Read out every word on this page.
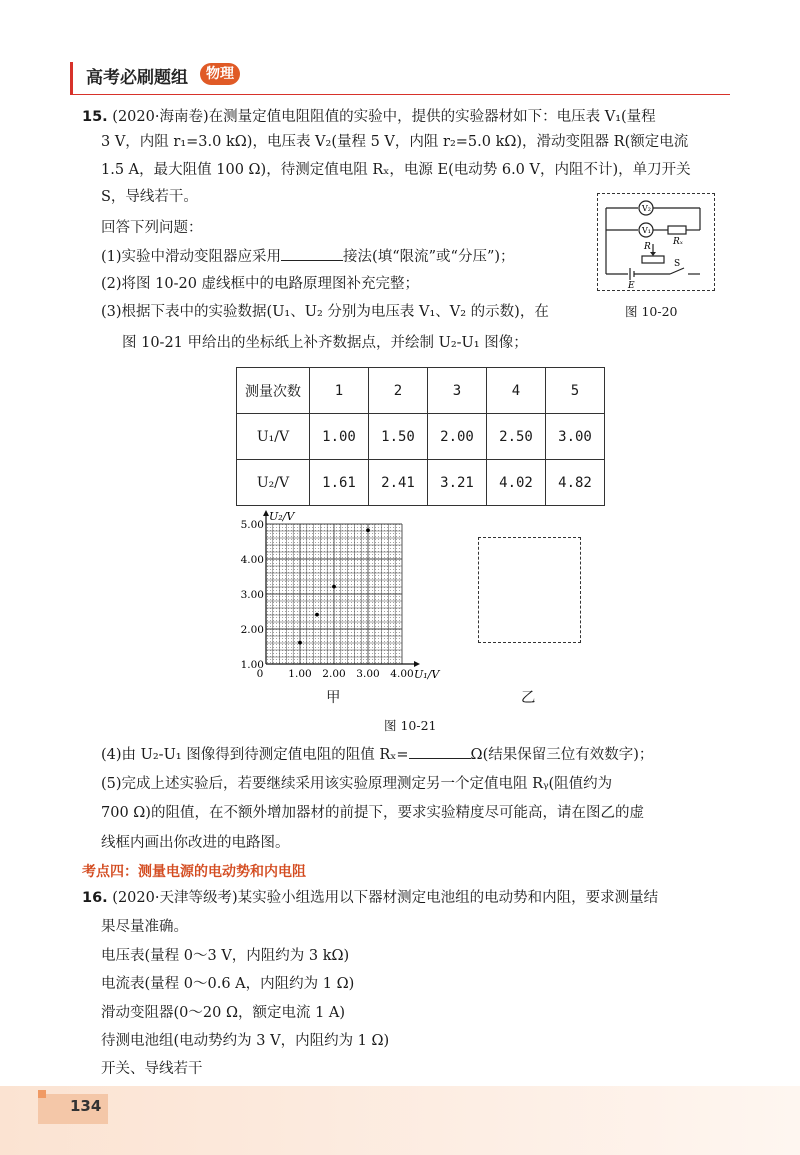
高考必刷题组	物理
15. (2020·海南卷)在测量定值电阻阻值的实验中，提供的实验器材如下：电压表 V₁(量程
3 V，内阻 r₁=3.0 kΩ)，电压表 V₂(量程 5 V，内阻 r₂=5.0 kΩ)，滑动变阻器 R(额定电流
1.5 A，最大阻值 100 Ω)，待测定值电阻 Rₓ，电源 E(电动势 6.0 V，内阻不计)，单刀开关
S，导线若干。
回答下列问题：
(1)实验中滑动变阻器应采用	接法(填“限流”或“分压”)；
(2)将图 10-20 虚线框中的电路原理图补充完整；
(3)根据下表中的实验数据(U₁、U₂ 分别为电压表 V₁、V₂ 的示数)，在
图 10-21 甲给出的坐标纸上补齐数据点，并绘制 U₂-U₁ 图像；
V₂
V₁
Rₓ
R
S
E
图 10-20
测量次数	1	2	3	4	5
U₁/V	1.00	1.50	2.00	2.50	3.00
U₂/V	1.61	2.41	3.21	4.02	4.82
0 1.00 2.00 3.00 4.00
1.00
2.00
3.00
4.00
5.00
U₂/V
U₁/V
甲	乙
图 10-21
(4)由 U₂-U₁ 图像得到待测定值电阻的阻值 Rₓ=	Ω(结果保留三位有效数字)；
(5)完成上述实验后，若要继续采用该实验原理测定另一个定值电阻 Rᵧ(阻值约为
700 Ω)的阻值，在不额外增加器材的前提下，要求实验精度尽可能高，请在图乙的虚
线框内画出你改进的电路图。
考点四：测量电源的电动势和内电阻
16. (2020·天津等级考)某实验小组选用以下器材测定电池组的电动势和内阻，要求测量结
果尽量准确。
电压表(量程 0～3 V，内阻约为 3 kΩ)
电流表(量程 0～0.6 A，内阻约为 1 Ω)
滑动变阻器(0～20 Ω，额定电流 1 A)
待测电池组(电动势约为 3 V，内阻约为 1 Ω)
开关、导线若干
134
